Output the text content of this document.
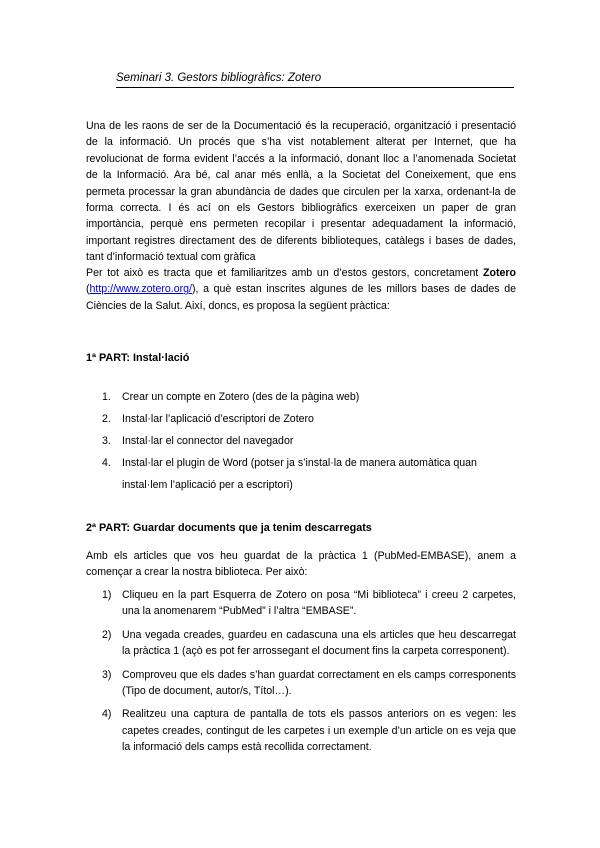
Seminari 3. Gestors bibliogràfics: Zotero

Una de les raons de ser de la Documentació és la recuperació, organització i presentació de la informació. Un procés que s’ha vist notablement alterat per Internet, que ha revolucionat de forma evident l’accés a la informació, donant lloc a l’anomenada Societat de la Informació. Ara bé, cal anar més enllà, a la Societat del Coneixement, que ens permeta processar la gran abundància de dades que circulen per la xarxa, ordenant-la de forma correcta. I és ací on els Gestors bibliogràfics exerceixen un paper de gran importància, perquè ens permeten recopilar i presentar adequadament la informació, important registres directament des de diferents biblioteques, catàlegs i bases de dades, tant d’informació textual com gràfica

Per tot això es tracta que et familiaritzes amb un d’estos gestors, concretament Zotero (http://www.zotero.org/), a què estan inscrites algunes de les millors bases de dades de Ciències de la Salut. Així, doncs, es proposa la següent pràctica:

1ª PART: Instal·lació
1. Crear un compte en Zotero (des de la pàgina web)
2. Instal·lar l’aplicació d’escriptori de Zotero
3. Instal·lar el connector del navegador
4. Instal·lar el plugin de Word (potser ja s’instal·la de manera automàtica quan instal·lem l’aplicació per a escriptori)
2ª PART: Guardar documents que ja tenim descarregats

Amb els articles que vos heu guardat de la pràctica 1 (PubMed-EMBASE), anem a començar a crear la nostra biblioteca. Per això:

1) Cliqueu en la part Esquerra de Zotero on posa “Mi biblioteca” i creeu 2 carpetes, una la anomenarem “PubMed” i l’altra “EMBASE”.
2) Una vegada creades, guardeu en cadascuna una els articles que heu descarregat la pràctica 1 (açò es pot fer arrossegant el document fins la carpeta corresponent).
3) Comproveu que els dades s’han guardat correctament en els camps corresponents (Tipo de document, autor/s, Títol…).
4) Realitzeu una captura de pantalla de tots els passos anteriors on es vegen: les capetes creades, contingut de les carpetes i un exemple d’un article on es veja que la informació dels camps està recollida correctament.
